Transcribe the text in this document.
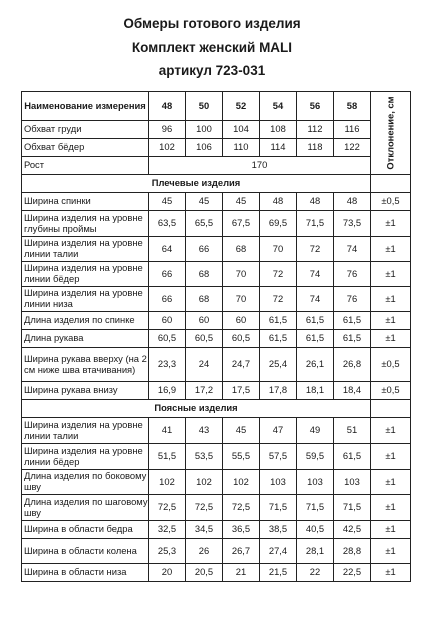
Обмеры готового изделия
Комплект женский MALI
артикул 723-031
Наименование измерения	48	50	52	54	56	58	Отклонение, см

Обхват груди	96	100	104	108	112	116	
Обхват бёдер	102	106	110	114	118	122	
Рост	170						
Плечевые изделия							
Ширина спинки	45	45	45	48	48	48	±0,5
Ширина изделия на уровне глубины проймы	63,5	65,5	67,5	69,5	71,5	73,5	±1
Ширина изделия на уровне линии талии	64	66	68	70	72	74	±1
Ширина изделия на уровне линии бёдер	66	68	70	72	74	76	±1
Ширина изделия на уровне линии низа	66	68	70	72	74	76	±1
Длина изделия по спинке	60	60	60	61,5	61,5	61,5	±1
Длина рукава	60,5	60,5	60,5	61,5	61,5	61,5	±1
Ширина рукава вверху (на 2 см ниже шва втачивания)	23,3	24	24,7	25,4	26,1	26,8	±0,5
Ширина рукава внизу	16,9	17,2	17,5	17,8	18,1	18,4	±0,5
Поясные изделия							
Ширина изделия на уровне линии талии	41	43	45	47	49	51	±1
Ширина изделия на уровне линии бёдер	51,5	53,5	55,5	57,5	59,5	61,5	±1
Длина изделия по боковому шву	102	102	102	103	103	103	±1
Длина изделия по шаговому шву	72,5	72,5	72,5	71,5	71,5	71,5	±1
Ширина в области бедра	32,5	34,5	36,5	38,5	40,5	42,5	±1
Ширина в области колена	25,3	26	26,7	27,4	28,1	28,8	±1
Ширина в области низа	20	20,5	21	21,5	22	22,5	±1
